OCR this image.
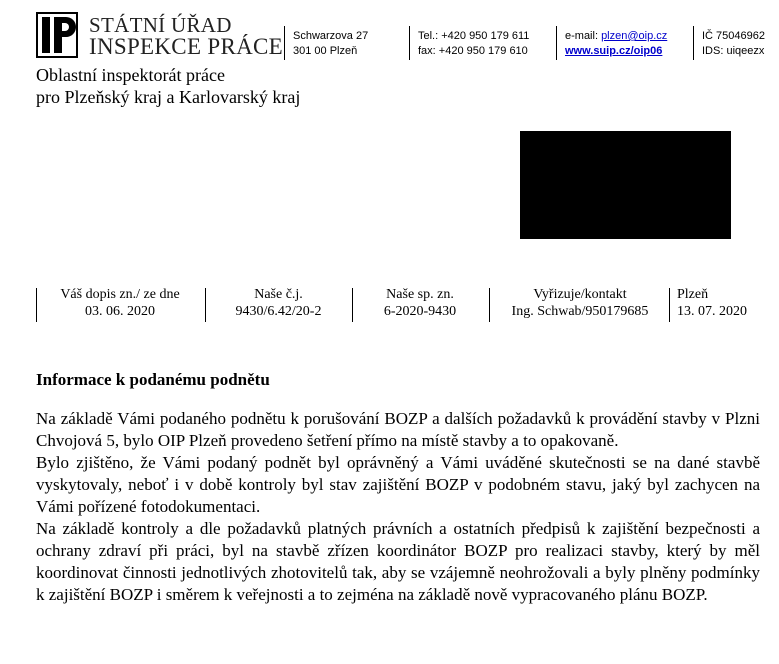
STÁTNÍ ÚŘAD
INSPEKCE PRÁCE Schwarzova 27
301 00 Plzeň
Tel.: +420 950 179 611
fax: +420 950 179 610
e-mail: plzen@oip.cz
www.suip.cz/oip06
IČ 75046962
IDS: uiqeezx
Oblastní inspektorát práce
pro Plzeňský kraj a Karlovarský kraj
Váš dopis zn./ ze dne
03. 06. 2020
Naše č.j.
9430/6.42/20-2
Naše sp. zn.
6-2020-9430
Vyřizuje/kontakt
Ing. Schwab/950179685
Plzeň
13. 07. 2020
Informace k podanému podnětu

Na základě Vámi podaného podnětu k porušování BOZP a dalších požadavků k provádění stavby v Plzni Chvojová 5, bylo OIP Plzeň provedeno šetření přímo na místě stavby a to opakovaně.

Bylo zjištěno, že Vámi podaný podnět byl oprávněný a Vámi uváděné skutečnosti se na dané stavbě vyskytovaly, neboť i v době kontroly byl stav zajištění BOZP v podobném stavu, jaký byl zachycen na Vámi pořízené fotodokumentaci.

Na základě kontroly a dle požadavků platných právních a ostatních předpisů k zajištění bezpečnosti a ochrany zdraví při práci, byl na stavbě zřízen koordinátor BOZP pro realizaci stavby, který by měl koordinovat činnosti jednotlivých zhotovitelů tak, aby se vzájemně neohrožovali a byly plněny podmínky k zajištění BOZP i směrem k veřejnosti a to zejména na základě nově vypracovaného plánu BOZP.
